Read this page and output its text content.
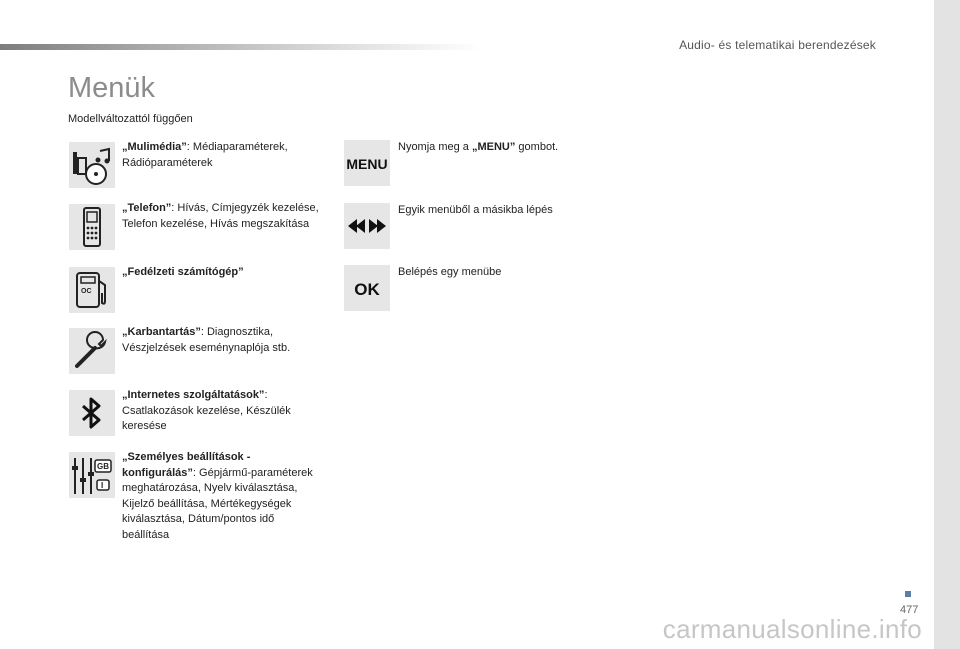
Audio- és telematikai berendezések
Menük
Modellváltozattól függően
„Mulimédia”: Médiaparaméterek, Rádióparaméterek
„Telefon”: Hívás, Címjegyzék kezelése, Telefon kezelése, Hívás megszakítása
OC
„Fedélzeti számítógép”
„Karbantartás”: Diagnosztika, Vészjelzések eseménynaplója stb.
„Internetes szolgáltatások”: Csatlakozások kezelése, Készülék keresése
GB
I
„Személyes beállítások - konfigurálás”: Gépjármű-paraméterek meghatározása, Nyelv kiválasztása, Kijelző beállítása, Mértékegységek kiválasztása, Dátum/pontos idő beállítása
MENU
Nyomja meg a „MENU” gombot.
Egyik menüből a másikba lépés
OK
Belépés egy menübe
477
carmanualsonline.info
